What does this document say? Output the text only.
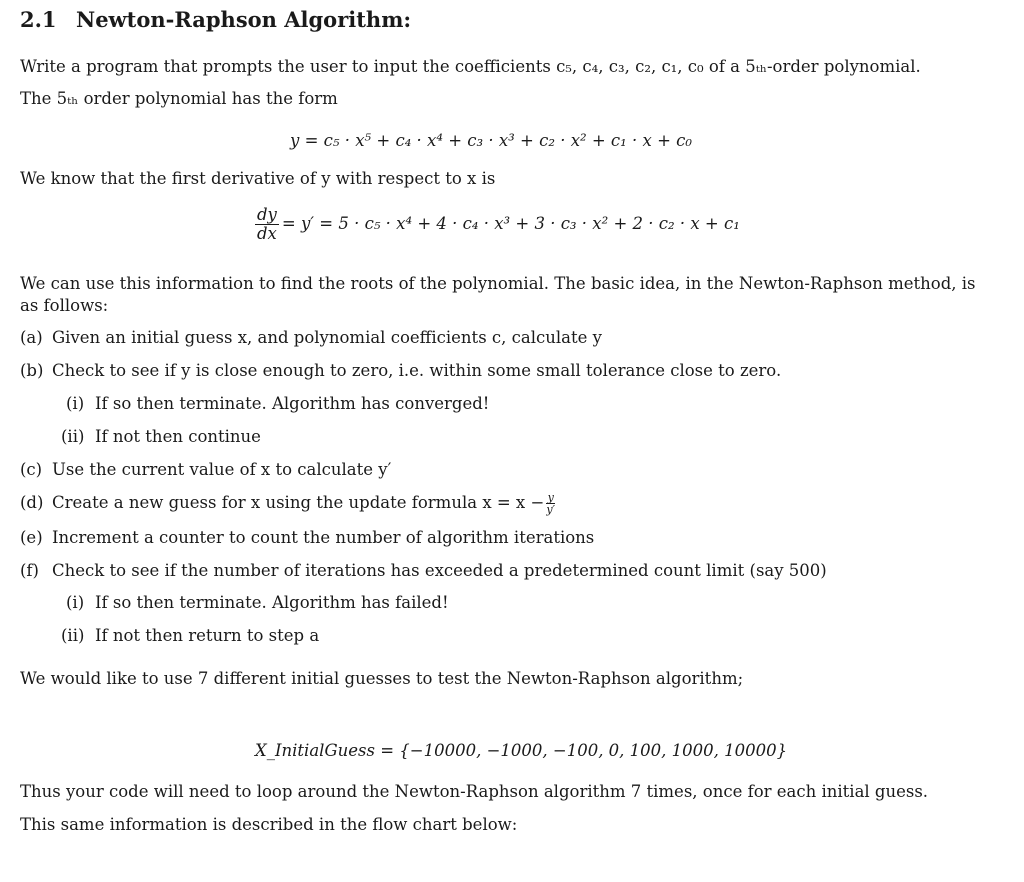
2.1 Newton-Raphson Algorithm:
Write a program that prompts the user to input the coefficients c₅, c₄, c₃, c₂, c₁, c₀ of a 5ₜₕ-order polynomial.
The 5ₜₕ order polynomial has the form
y = c₅ · x⁵ + c₄ · x⁴ + c₃ · x³ + c₂ · x² + c₁ · x + c₀
We know that the first derivative of y with respect to x is
$\frac{dy}{dx} = y' = 5 \cdot c_5 \cdot x^4 + 4 \cdot c_4 \cdot x^3 + 3 \cdot c_3 \cdot x^2 + 2 \cdot c_2 \cdot x + c_1$
We can use this information to find the roots of the polynomial. The basic idea, in the Newton-Raphson method, is
as follows:
(a) Given an initial guess x, and polynomial coefficients c, calculate y
(b) Check to see if y is close enough to zero, i.e. within some small tolerance close to zero.
(i) If so then terminate. Algorithm has converged!
(ii) If not then continue
(c) Use the current value of x to calculate y′
(d) Create a new guess for x using the update formula $x = x - \frac{y}{y'}$
(e) Increment a counter to count the number of algorithm iterations
(f) Check to see if the number of iterations has exceeded a predetermined count limit (say 500)
(i) If so then terminate. Algorithm has failed!
(ii) If not then return to step a
We would like to use 7 different initial guesses to test the Newton-Raphson algorithm;
X_InitialGuess = {−10000, −1000, −100, 0, 100, 1000, 10000}
Thus your code will need to loop around the Newton-Raphson algorithm 7 times, once for each initial guess.
This same information is described in the flow chart below:
